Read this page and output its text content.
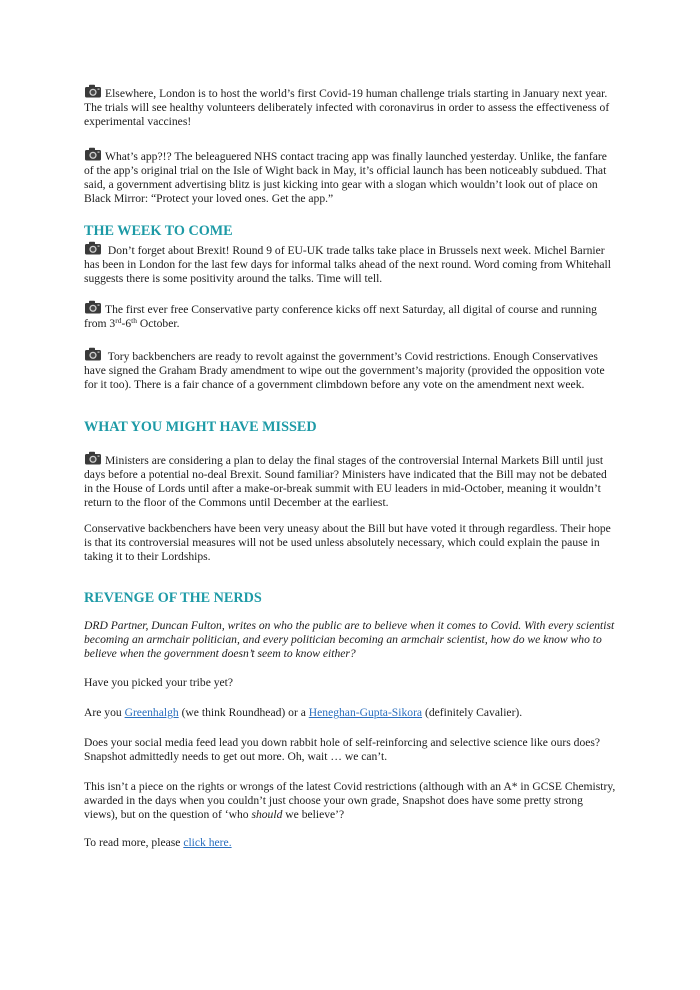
Elsewhere, London is to host the world’s first Covid-19 human challenge trials starting in January next year. The trials will see healthy volunteers deliberately infected with coronavirus in order to assess the effectiveness of experimental vaccines!

What’s app?!? The beleaguered NHS contact tracing app was finally launched yesterday. Unlike, the fanfare of the app’s original trial on the Isle of Wight back in May, it’s official launch has been noticeably subdued. That said, a government advertising blitz is just kicking into gear with a slogan which wouldn’t look out of place on Black Mirror: “Protect your loved ones. Get the app.”

THE WEEK TO COME

Don’t forget about Brexit! Round 9 of EU-UK trade talks take place in Brussels next week. Michel Barnier has been in London for the last few days for informal talks ahead of the next round. Word coming from Whitehall suggests there is some positivity around the talks. Time will tell.

The first ever free Conservative party conference kicks off next Saturday, all digital of course and running from 3rd-6th October.

Tory backbenchers are ready to revolt against the government’s Covid restrictions. Enough Conservatives have signed the Graham Brady amendment to wipe out the government’s majority (provided the opposition vote for it too). There is a fair chance of a government climbdown before any vote on the amendment next week.

WHAT YOU MIGHT HAVE MISSED

Ministers are considering a plan to delay the final stages of the controversial Internal Markets Bill until just days before a potential no-deal Brexit. Sound familiar? Ministers have indicated that the Bill may not be debated in the House of Lords until after a make-or-break summit with EU leaders in mid-October, meaning it wouldn’t return to the floor of the Commons until December at the earliest.

Conservative backbenchers have been very uneasy about the Bill but have voted it through regardless. Their hope is that its controversial measures will not be used unless absolutely necessary, which could explain the pause in taking it to their Lordships.

REVENGE OF THE NERDS

DRD Partner, Duncan Fulton, writes on who the public are to believe when it comes to Covid. With every scientist becoming an armchair politician, and every politician becoming an armchair scientist, how do we know who to believe when the government doesn’t seem to know either?

Have you picked your tribe yet?

Are you Greenhalgh (we think Roundhead) or a Heneghan-Gupta-Sikora (definitely Cavalier).

Does your social media feed lead you down rabbit hole of self-reinforcing and selective science like ours does? Snapshot admittedly needs to get out more. Oh, wait … we can’t.

This isn’t a piece on the rights or wrongs of the latest Covid restrictions (although with an A* in GCSE Chemistry, awarded in the days when you couldn’t just choose your own grade, Snapshot does have some pretty strong views), but on the question of ‘who should we believe’?

To read more, please click here.
